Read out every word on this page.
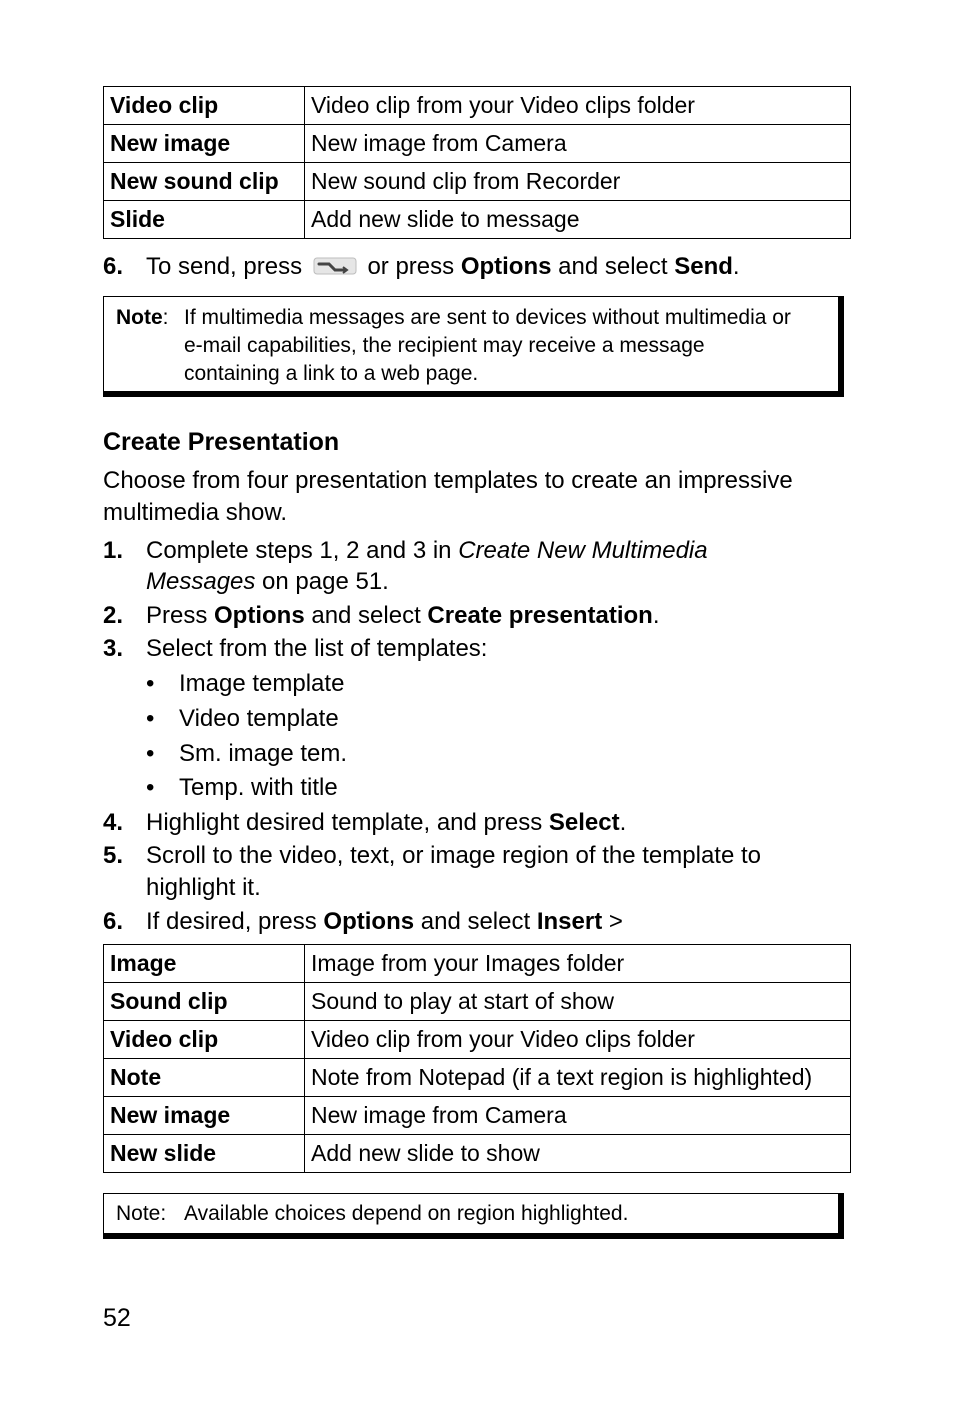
Video clip	Video clip from your Video clips folder
New image	New image from Camera
New sound clip	New sound clip from Recorder
Slide	Add new slide to message
6. To send, press	or press Options and select Send.
Note: If multimedia messages are sent to devices without multimedia or
e-mail capabilities, the recipient may receive a message
containing a link to a web page.
Create Presentation
Choose from four presentation templates to create an impressive
multimedia show.
1. Complete steps 1, 2 and 3 in Create New Multimedia
Messages on page 51.
2. Press Options and select Create presentation.
3. Select from the list of templates:
• Image template
• Video template
• Sm. image tem.
• Temp. with title
4. Highlight desired template, and press Select.
5. Scroll to the video, text, or image region of the template to
highlight it.
6. If desired, press Options and select Insert >
Image	Image from your Images folder
Sound clip	Sound to play at start of show
Video clip	Video clip from your Video clips folder
Note	Note from Notepad (if a text region is highlighted)
New image	New image from Camera
New slide	Add new slide to show
Note: Available choices depend on region highlighted.
52
